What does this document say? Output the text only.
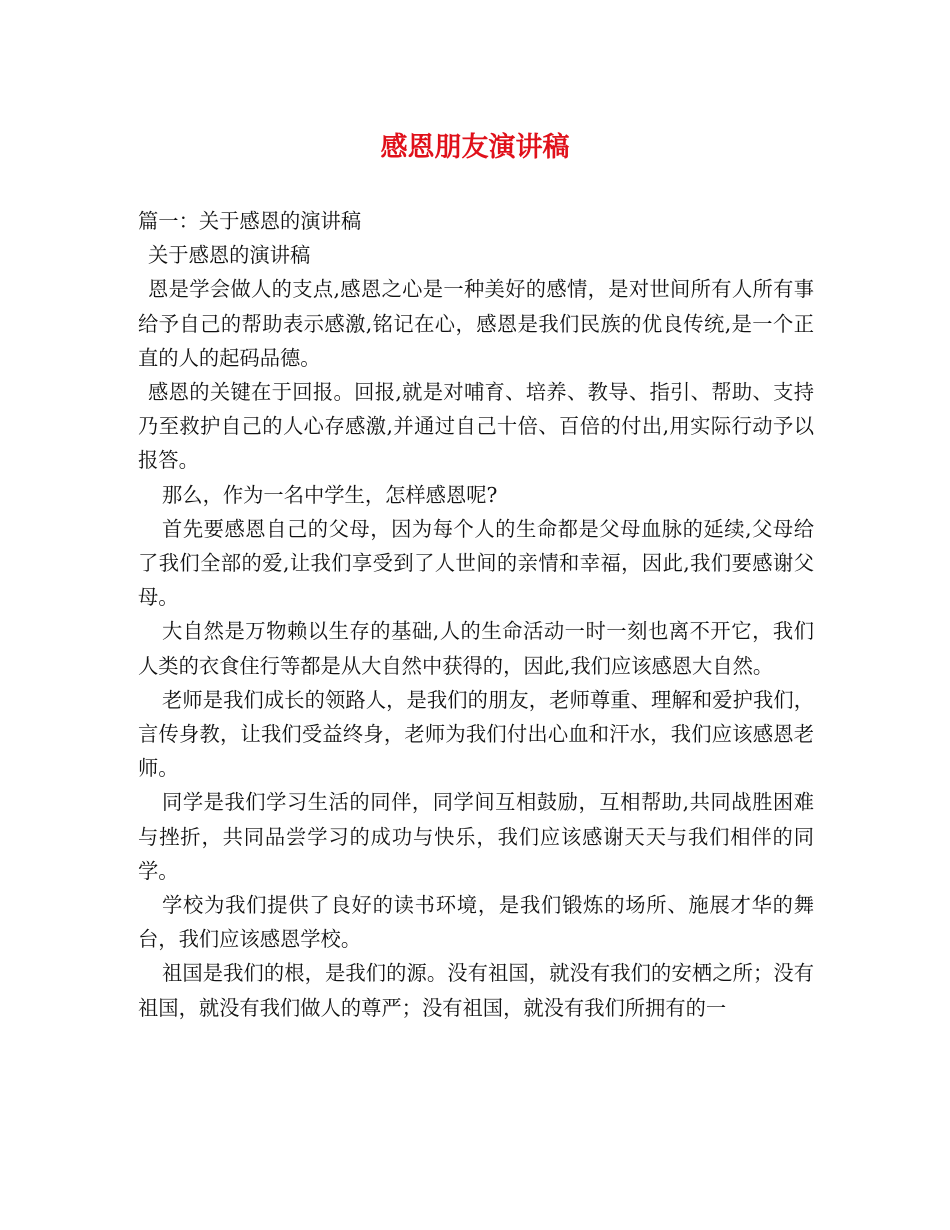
感恩朋友演讲稿

篇一：关于感恩的演讲稿

关于感恩的演讲稿

恩是学会做人的支点,感恩之心是一种美好的感情，是对世间所有人所有事给予自己的帮助表示感激,铭记在心，感恩是我们民族的优良传统,是一个正直的人的起码品德。

感恩的关键在于回报。回报,就是对哺育、培养、教导、指引、帮助、支持乃至救护自己的人心存感激,并通过自己十倍、百倍的付出,用实际行动予以报答。

那么，作为一名中学生，怎样感恩呢?

首先要感恩自己的父母，因为每个人的生命都是父母血脉的延续,父母给了我们全部的爱,让我们享受到了人世间的亲情和幸福，因此,我们要感谢父母。

大自然是万物赖以生存的基础,人的生命活动一时一刻也离不开它，我们人类的衣食住行等都是从大自然中获得的，因此,我们应该感恩大自然。

老师是我们成长的领路人，是我们的朋友，老师尊重、理解和爱护我们，言传身教，让我们受益终身，老师为我们付出心血和汗水，我们应该感恩老师。

同学是我们学习生活的同伴，同学间互相鼓励，互相帮助,共同战胜困难与挫折，共同品尝学习的成功与快乐，我们应该感谢天天与我们相伴的同学。

学校为我们提供了良好的读书环境，是我们锻炼的场所、施展才华的舞台，我们应该感恩学校。

祖国是我们的根，是我们的源。没有祖国，就没有我们的安栖之所；没有祖国，就没有我们做人的尊严；没有祖国，就没有我们所拥有的一
